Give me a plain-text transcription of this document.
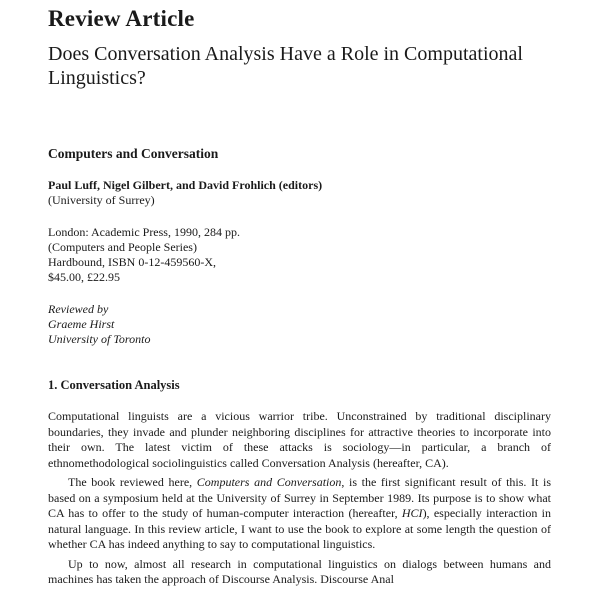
Review Article
Does Conversation Analysis Have a Role in Computational Linguistics?
Computers and Conversation
Paul Luff, Nigel Gilbert, and David Frohlich (editors)
(University of Surrey)
London: Academic Press, 1990, 284 pp.
(Computers and People Series)
Hardbound, ISBN 0-12-459560-X,
$45.00, £22.95
Reviewed by
Graeme Hirst
University of Toronto
1. Conversation Analysis

Computational linguists are a vicious warrior tribe. Unconstrained by traditional disciplinary boundaries, they invade and plunder neighboring disciplines for attractive theories to incorporate into their own. The latest victim of these attacks is sociology—in particular, a branch of ethnomethodological sociolinguistics called Conversation Analysis (hereafter, CA).

The book reviewed here, Computers and Conversation, is the first significant result of this. It is based on a symposium held at the University of Surrey in September 1989. Its purpose is to show what CA has to offer to the study of human-computer interaction (hereafter, HCI), especially interaction in natural language. In this review article, I want to use the book to explore at some length the question of whether CA has indeed anything to say to computational linguistics.

Up to now, almost all research in computational linguistics on dialogs between humans and machines has taken the approach of Discourse Analysis. Discourse Anal
